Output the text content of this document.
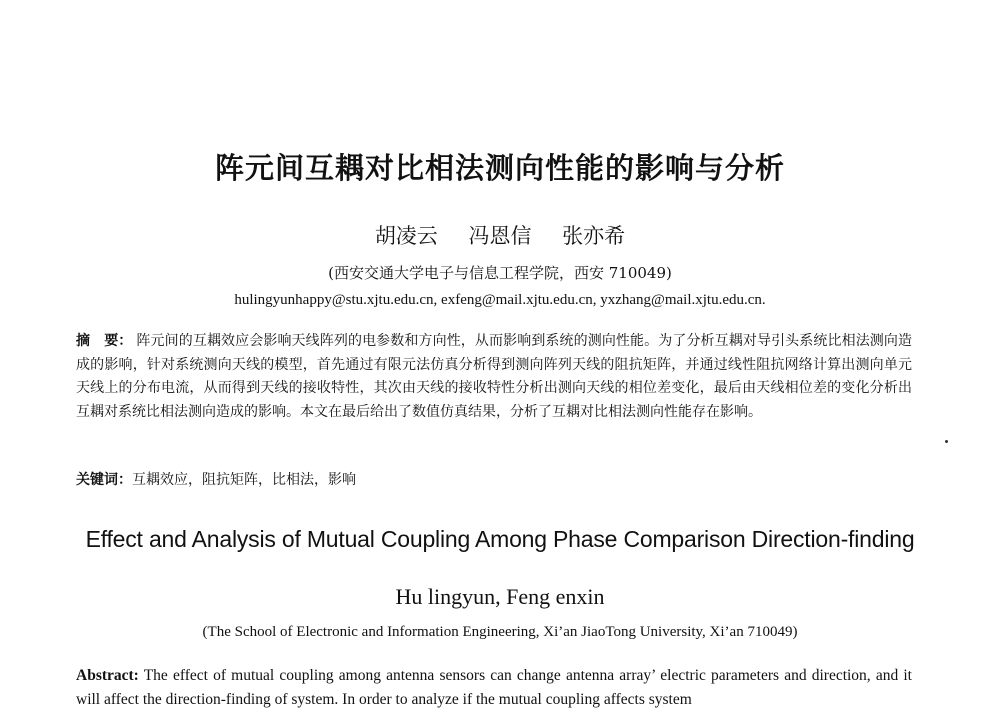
阵元间互耦对比相法测向性能的影响与分析
胡凌云 冯恩信 张亦希
(西安交通大学电子与信息工程学院，西安 710049)
hulingyunhappy@stu.xjtu.edu.cn, exfeng@mail.xjtu.edu.cn, yxzhang@mail.xjtu.edu.cn.
摘　要： 阵元间的互耦效应会影响天线阵列的电参数和方向性，从而影响到系统的测向性能。为了分析互耦对导引头系统比相法测向造成的影响，针对系统测向天线的模型，首先通过有限元法仿真分析得到测向阵列天线的阻抗矩阵，并通过线性阻抗网络计算出测向单元天线上的分布电流，从而得到天线的接收特性，其次由天线的接收特性分析出测向天线的相位差变化，最后由天线相位差的变化分析出互耦对系统比相法测向造成的影响。本文在最后给出了数值仿真结果，分析了互耦对比相法测向性能存在影响。
关键词：互耦效应，阻抗矩阵，比相法，影响
Effect and Analysis of Mutual Coupling Among Phase Comparison Direction-finding
Hu lingyun, Feng enxin
(The School of Electronic and Information Engineering, Xi’an JiaoTong University, Xi’an 710049)
Abstract: The effect of mutual coupling among antenna sensors can change antenna array’ electric parameters and direction, and it will affect the direction-finding of system. In order to analyze if the mutual coupling affects system
